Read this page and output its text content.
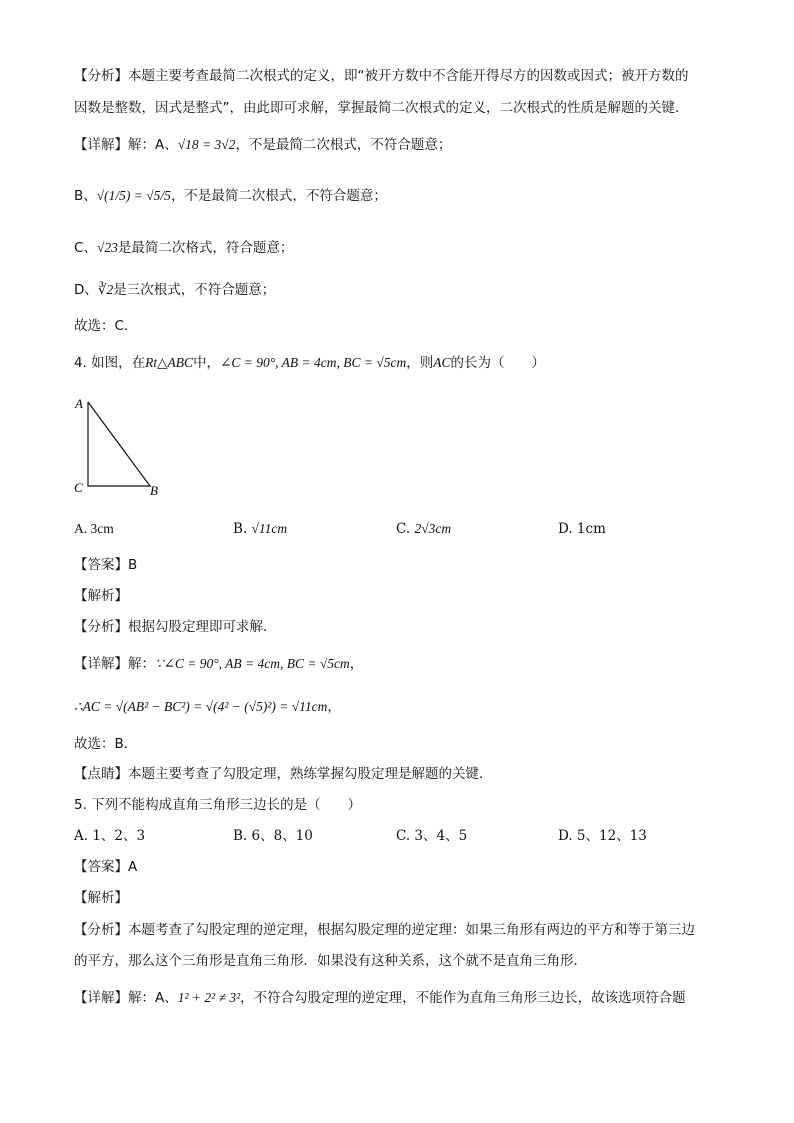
【分析】本题主要考查最简二次根式的定义，即“被开方数中不含能开得尽方的因数或因式；被开方数的
因数是整数，因式是整式”，由此即可求解，掌握最简二次根式的定义，二次根式的性质是解题的关键．
【详解】解：A、√18 = 3√2，不是最简二次根式，不符合题意；
B、√(1/5) = √5/5，不是最简二次根式，不符合题意；
C、√23是最简二次格式，符合题意；
D、∛2是三次根式，不符合题意；
故选：C．
4. 如图，在Rt△ABC中，∠C = 90°, AB = 4cm, BC = √5cm，则AC的长为（　　）
A
C	B
A. 3cm	B. √11cm	C. 2√3cm	D. 1cm
【答案】B
【解析】
【分析】根据勾股定理即可求解．
【详解】解：∵∠C = 90°, AB = 4cm, BC = √5cm，
∴AC = √(AB² − BC²) = √(4² − (√5)²) = √11cm，
故选：B．
【点睛】本题主要考查了勾股定理，熟练掌握勾股定理是解题的关键．
5. 下列不能构成直角三角形三边长的是（　　）
A. 1、2、3	B. 6、8、10	C. 3、4、5	D. 5、12、13
【答案】A
【解析】
【分析】本题考查了勾股定理的逆定理，根据勾股定理的逆定理：如果三角形有两边的平方和等于第三边
的平方，那么这个三角形是直角三角形．如果没有这种关系，这个就不是直角三角形．
【详解】解：A、1² + 2² ≠ 3²，不符合勾股定理的逆定理，不能作为直角三角形三边长，故该选项符合题
